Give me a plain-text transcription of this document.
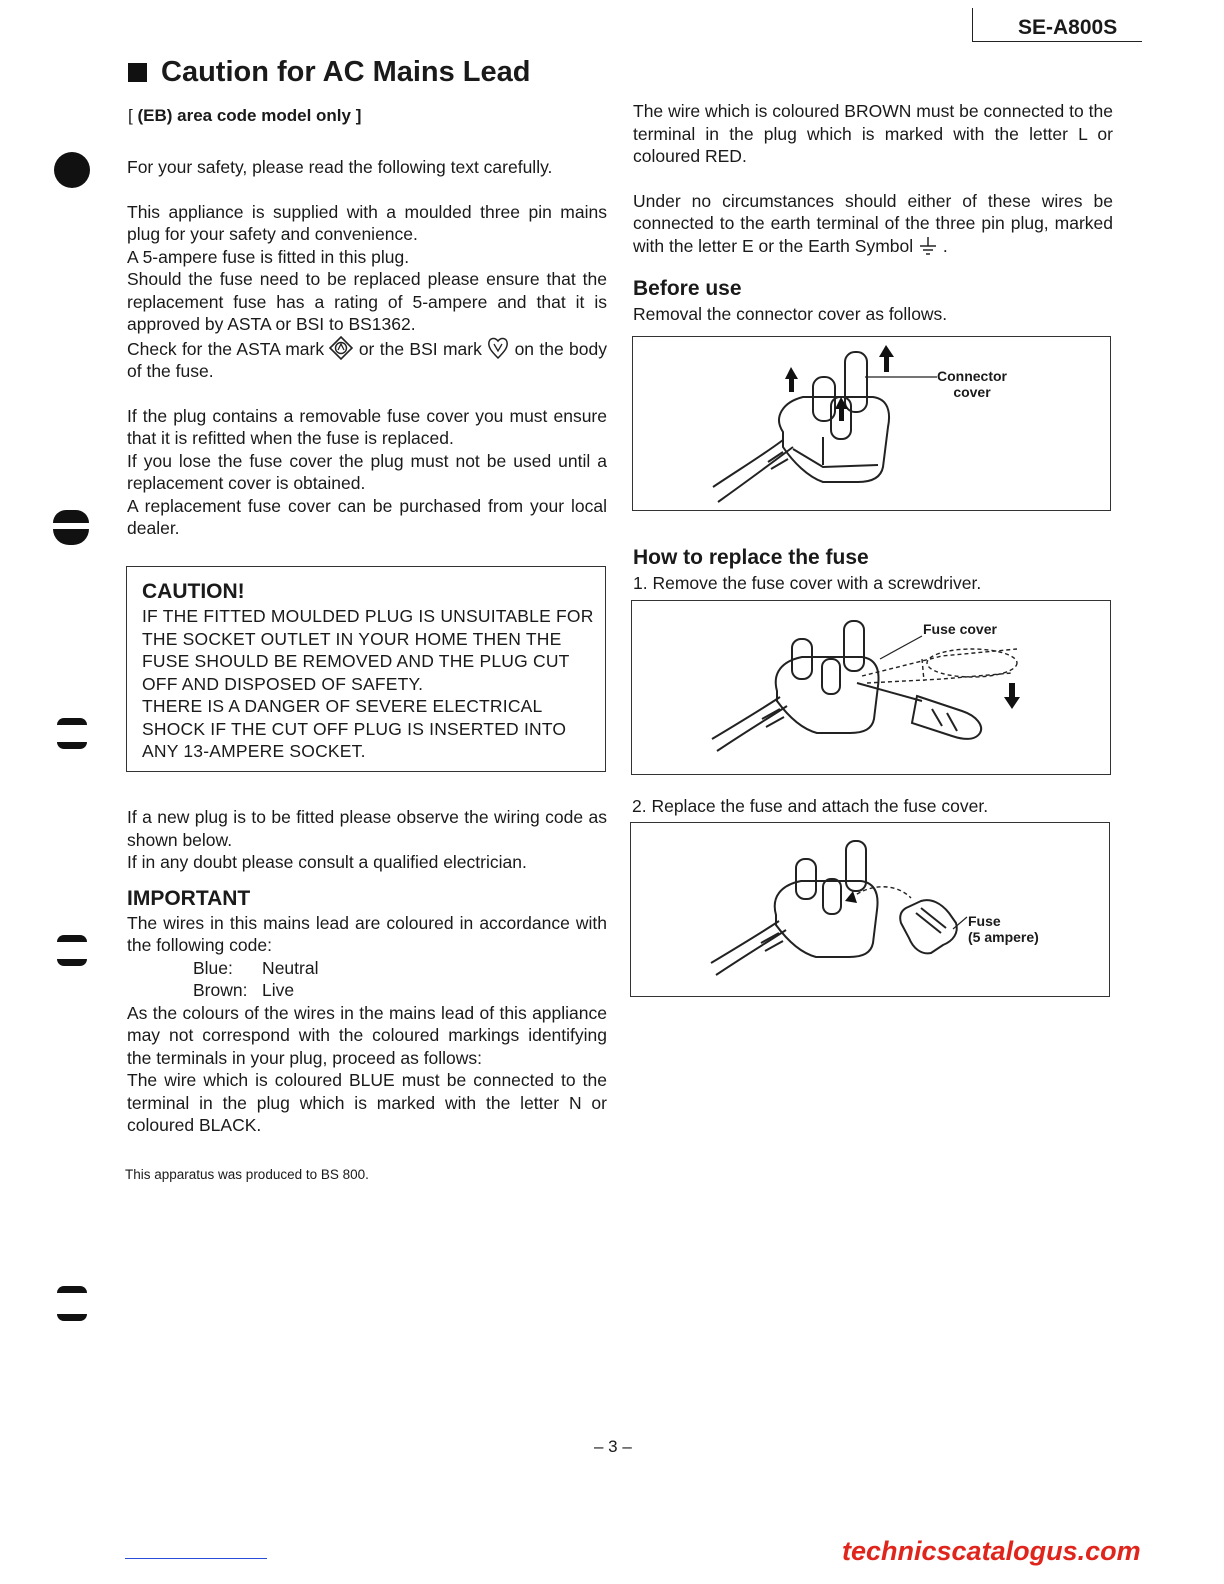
SE-A800S
Caution for AC Mains Lead
[ (EB) area code model only ]

For your safety, please read the following text carefully.

This appliance is supplied with a moulded three pin mains plug for your safety and convenience.

A 5-ampere fuse is fitted in this plug.

Should the fuse need to be replaced please ensure that the replacement fuse has a rating of 5-ampere and that it is approved by ASTA or BSI to BS1362.

Check for the ASTA mark or the BSI mark on the body of the fuse.

If the plug contains a removable fuse cover you must ensure that it is refitted when the fuse is replaced.

If you lose the fuse cover the plug must not be used until a replacement cover is obtained.

A replacement fuse cover can be purchased from your local dealer.

CAUTION!

IF THE FITTED MOULDED PLUG IS UNSUITABLE FOR THE SOCKET OUTLET IN YOUR HOME THEN THE FUSE SHOULD BE REMOVED AND THE PLUG CUT OFF AND DISPOSED OF SAFETY.

THERE IS A DANGER OF SEVERE ELECTRICAL SHOCK IF THE CUT OFF PLUG IS INSERTED INTO ANY 13-AMPERE SOCKET.

If a new plug is to be fitted please observe the wiring code as shown below.

If in any doubt please consult a qualified electrician.

IMPORTANT

The wires in this mains lead are coloured in accordance with the following code:

Blue:      Neutral

Brown:   Live

As the colours of the wires in the mains lead of this appliance may not correspond with the coloured markings identifying the terminals in your plug, proceed as follows:

The wire which is coloured BLUE must be connected to the terminal in the plug which is marked with the letter N or coloured BLACK.

This apparatus was produced to BS 800.

The wire which is coloured BROWN must be connected to the terminal in the plug which is marked with the letter L or coloured RED.

Under no circumstances should either of these wires be connected to the earth terminal of the three pin plug, marked with the letter E or the Earth Symbol .

Before use
Removal the connector cover as follows.
Connector
cover
How to replace the fuse
1. Remove the fuse cover with a screwdriver.
Fuse cover
2. Replace the fuse and attach the fuse cover.
Fuse
(5 ampere)
– 3 –
technicscatalogus.com
